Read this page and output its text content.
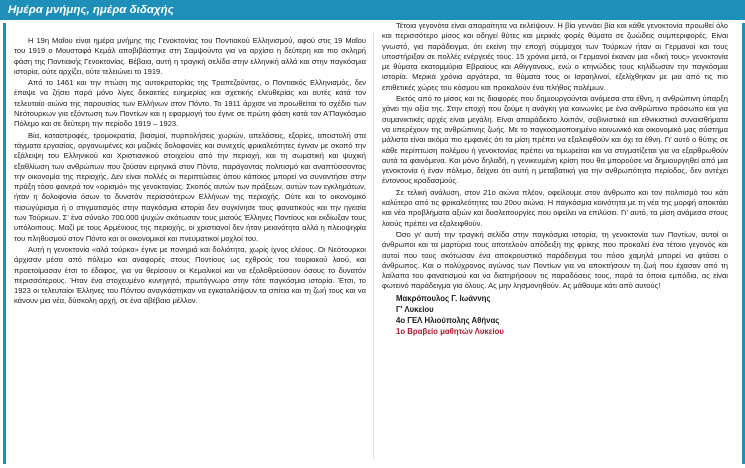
Ημέρα μνήμης, ημέρα διδαχής

Η 19η Μαΐου είναι ημέρα μνήμης της Γενοκτονίας του Ποντιακού Ελληνισμού, αφού στις 19 Μαΐου του 1919 ο Μουσταφά Κεμάλ αποβιβάστηκε στη Σαμψούντα για να αρχίσει η δεύτερη και πιο σκληρή φάση της Ποντιακής Γενοκτονίας. Βέβαια, αυτή η τραγική σελίδα στην ελληνική αλλά και στην παγκόσμια ιστορία, ούτε αρχίζει, ούτε τελειώνει το 1919.

Από το 1461 και την πτώση της αυτοκρατορίας της Τραπεζούντας, ο Ποντιακός Ελληνισμός, δεν έπαψε να ζήσει παρά μόνο λίγες δεκαετίες ευημερίας και σχετικής ελευθερίας και αυτές κατά τον τελευταίο αιώνα της παρουσίας των Ελλήνων στον Πόντο. Το 1911 άρχισε να προωθείται το σχέδιο των Νεότουρκων για εξόντωση των Ποντίων και η εφαρμογή του έγινε σε πρώτη φάση κατά τον Α'Παγκόσμιο Πόλεμο και σε δεύτερη την περίοδο 1919 – 1923.

Βία, καταστροφές, τρομοκρατία, βιασμοί, πυρπολήσεις χωριών, απελάσεις, εξορίες, αποστολή στα τάγματα εργασίας, οργανωμένες και μαζικές δολοφονίες και συνεχείς φρικαλεότητες έγιναν με σκοπό την εξάλειψη του Ελληνικού και Χριστιανικού στοιχείου από την περιοχή, και τη σωματική και ψυχική εξαθλίωση των ανθρώπων που ζούσαν ειρηνικά στον Πόντο, παράγοντας πολιτισμό και αναπτύσσοντας την οικονομία της περιοχής. Δεν είναι πολλές οι περιπτώσεις όπου κάποιος μπορεί να συναντήσει στην πράξη τόσο φανερά τον «ορισμό» της γενοκτονίας. Σκοπός αυτών των πράξεων, αυτών των εγκλημάτων, ήταν η δολοφονία όσων το δυνατόν περισσότερων Ελλήνων της περιοχής. Ούτε και το οικονομικό πισωγύρισμα ή ο στιγματισμός στην παγκόσμια ιστορία δεν συγκίνησε τους φανατικούς και την ηγεσία των Τούρκων. Σ' ένα σύνολο 700.000 ψυχών σκότωσαν τους μισούς Έλληνες Ποντίους και εκδίωξαν τους υπόλοιπους. Μαζί με τους Αρμένιους της περιοχής, οι χριστιανοί δεν ήταν μειονότητα αλλά η πλειοψηφία του πληθυσμού στον Πόντο και οι οικονομικοί και πνευματικοί μοχλοί του.

Αυτή η γενοκτονία «αλά τούρκα» έγινε με πονηριά και δολιότητα, χωρίς ίχνος ελέους. Οι Νεότουρκοι άρχισαν μέσα από πόλεμο και αναφορές στους Ποντίους ως εχθρούς του τουρκικού λαού, και προετοίμασαν έτσι το έδαφος, για να θερίσουν οι Κεμαλικοί και να εξολοθρεύσουν όσους το δυνατόν περισσότερους. Ήταν ένα στοχευμένο κυνηγητό, πρωτόγνωρο στην τότε παγκόσμια ιστορία. Έτσι, το 1923 οι τελευταίοι Έλληνες του Πόντου αναγκάστηκαν να εγκαταλείψουν τα σπίτια και τη ζωή τους και να κάνουν μια νέα, δύσκολη αρχή, σε ένα αβέβαιο μέλλον.

Τέτοια γεγονότα είναι απαραίτητα να εκλείψουν. Η βία γεννάει βία και κάθε γενοκτονία προωθεί όλο και περισσότερο μίσος και οδηγεί θύτες και μερικές φορές θύματα σε ζωώδεις συμπεριφορές. Είναι γνωστό, για παράδειγμα, ότι εκείνη την εποχή σύμμαχοι των Τούρκων ήταν οι Γερμανοί και τους υποστήριξαν σε πολλές ενέργειές τους. 15 χρόνια μετά, οι Γερμανοί έκαναν μια «δική τους» γενοκτονία με θύματα εκατομμύρια Εβραίους και Αθίγγανους, ενώ ο κτηνώδεις τους κηλίδωσαν την παγκόσμια ιστορία. Μερικά χρόνια αργότερα, τα θύματα τους οι Ισραηλινοί, εξελίχθηκαν με μια από τις πιο επιθετικές χώρες του κόσμου και προκαλούν ένα πλήθος πολέμων.

Εκτός από το μίσος και τις διαφορές που δημιουργούνται ανάμεσα στα έθνη, η ανθρώπινη ύπαρξη χάνει την αξία της. Στην εποχή που ζούμε η ανάγκη για κοινωνίες με ένα ανθρώπινο πρόσωπο και για συμανικτικές αρχές είναι μεγάλη. Είναι απαράδεκτο λοιπόν, σοβινιστικά και εθνικιστικά συναισθήματα να υπερέχουν της ανθρώπινης ζωής. Με το παγκοσμιοποιημένο κοινωνικό και οικονομικό μας σύστημα μάλιστα είναι ακόμα πιο εμφανές ότι τα μίση πρέπει να εξαλειφθούν και όχι τα έθνη. Γι' αυτό ο θύτης σε κάθε περίπτωση πολέμου ή γενοκτονίας πρέπει να τιμωρείται και να στιγματίζεται για να εξαρθρωθούν αυτά τα φαινόμενα. Και μόνο δηλαδή, η γενικευμένη κρίση που θα μπορούσε να δημιουργηθεί από μια γενοκτονία ή έναν πόλεμο, δείχνει ότι αυτή η μεταβατική για την ανθρωπότητα περίοδος, δεν αντέχει έντονους κραδασμούς.

Σε τελική ανάλυση, στον 21ο αιώνα πλέον, οφείλουμε στον άνθρωπο και τον πολιτισμό του κάτι καλύτερο από τις φρικαλεότητες του 20ου αιώνα. Η παγκόσμια κοινότητα με τη νέα της μορφή αποκτάει και νέα προβλήματα αξιών και δυσλειτουργίες που οφείλει να επιλύσει. Γι' αυτό, τα μίση ανάμεσα στους λαούς πρέπει να εξαλειφθούν.

Όσο γι' αυτή την τραγική σελίδα στην παγκόσμια ιστορία, τη γενοκτονία των Ποντίων, αυτοί οι άνθρωποι και τα μαρτύρια τους αποτελούν απόδειξη της φρίκης που προκαλεί ένα τέτοιο γεγονός και αυτοί που τους σκότωσαν ένα αποκρουστικό παράδειγμα του πόσο χαμηλά μπορεί να φτάσει ο άνθρωπος. Και ο πολύχρονος αγώνας των Ποντίων για να αποκτήσουν τη ζωή που έχασαν από τη λαίλαπα του φανατισμού και να διατηρήσουν τις παραδόσεις τους, παρά τα όποια εμπόδια, ας είναι φωτεινό παράδειγμα για όλους. Ας μην λησμονηθούν. Ας μάθουμε κάτι από αυτούς!

Μακρόπουλος Γ. Ιωάννης
Γ' Λυκείου
4ο ΓΕΛ Ηλιούπολης Αθήνας
1ο Βραβείο μαθητών Λυκείου
